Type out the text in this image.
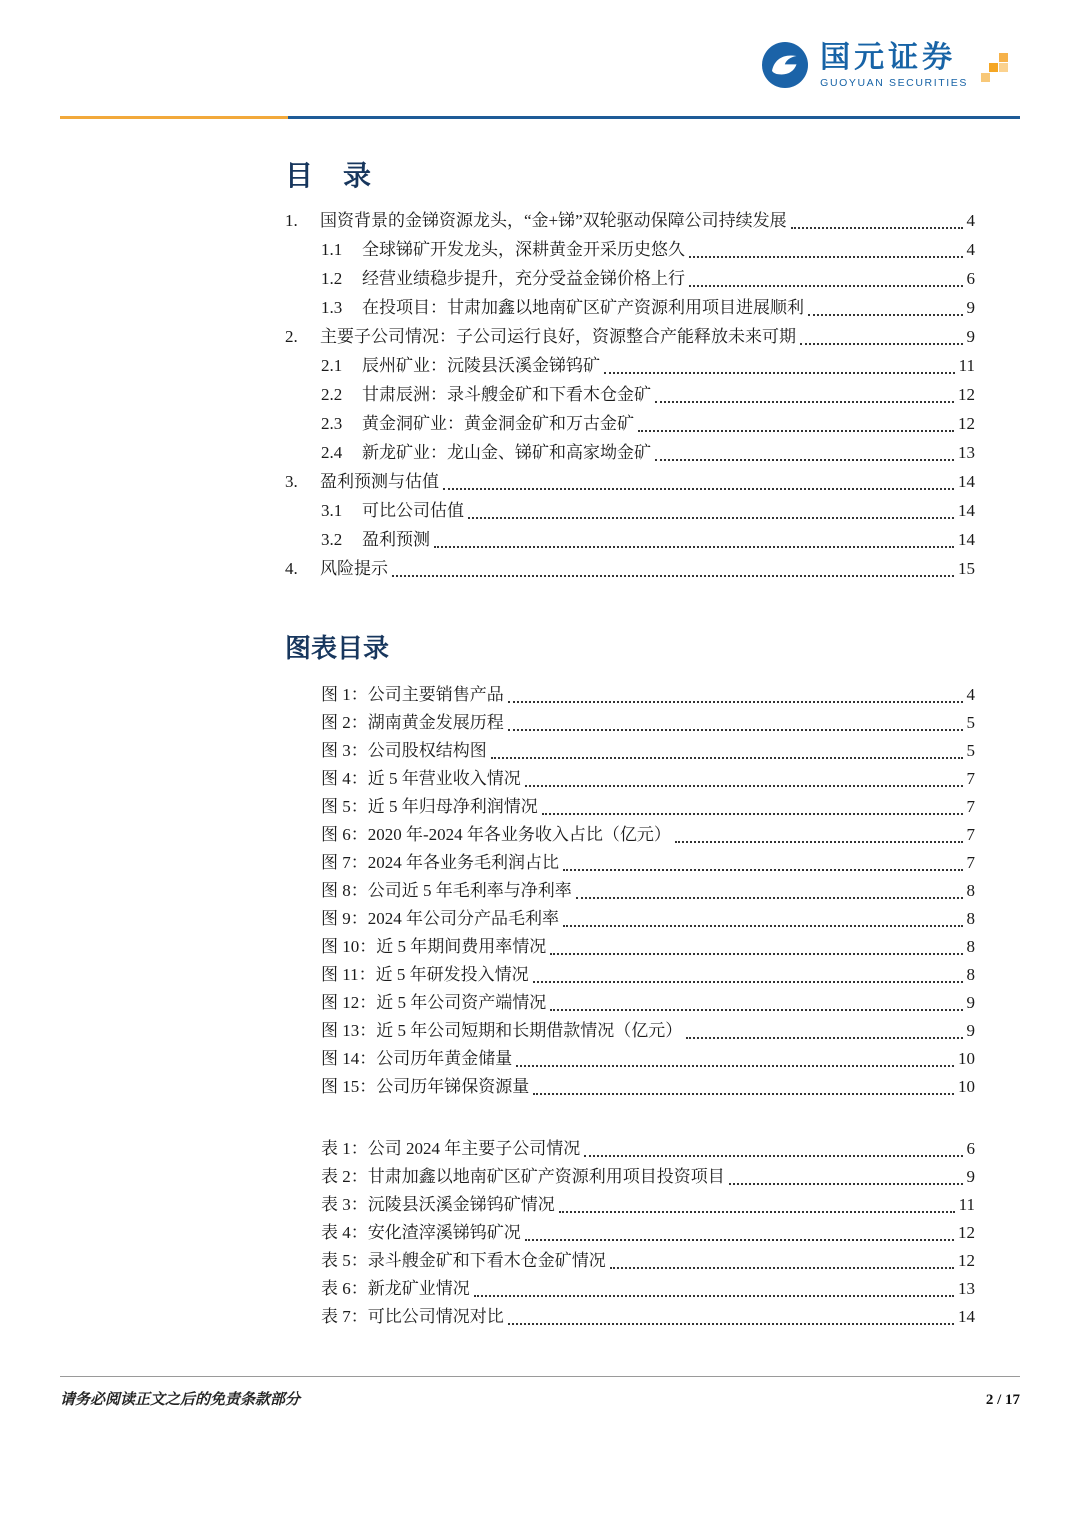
国元证券
GUOYUAN SECURITIES
目　录
1.	国资背景的金锑资源龙头，“金+锑”双轮驱动保障公司持续发展	4
1.1	全球锑矿开发龙头，深耕黄金开采历史悠久	4
1.2	经营业绩稳步提升，充分受益金锑价格上行	6
1.3	在投项目：甘肃加鑫以地南矿区矿产资源利用项目进展顺利	9
2.	主要子公司情况：子公司运行良好，资源整合产能释放未来可期	9
2.1	辰州矿业：沅陵县沃溪金锑钨矿	11
2.2	甘肃辰洲：录斗艘金矿和下看木仓金矿	12
2.3	黄金洞矿业：黄金洞金矿和万古金矿	12
2.4	新龙矿业：龙山金、锑矿和高家坳金矿	13
3.	盈利预测与估值	14
3.1	可比公司估值	14
3.2	盈利预测	14
4.	风险提示	15
图表目录
图 1：公司主要销售产品	4
图 2：湖南黄金发展历程	5
图 3：公司股权结构图	5
图 4：近 5 年营业收入情况	7
图 5：近 5 年归母净利润情况	7
图 6：2020 年-2024 年各业务收入占比（亿元）	7
图 7：2024 年各业务毛利润占比	7
图 8：公司近 5 年毛利率与净利率	8
图 9：2024 年公司分产品毛利率	8
图 10：近 5 年期间费用率情况	8
图 11：近 5 年研发投入情况	8
图 12：近 5 年公司资产端情况	9
图 13：近 5 年公司短期和长期借款情况（亿元）	9
图 14：公司历年黄金储量	10
图 15：公司历年锑保资源量	10
表 1：公司 2024 年主要子公司情况	6
表 2：甘肃加鑫以地南矿区矿产资源利用项目投资项目	9
表 3：沅陵县沃溪金锑钨矿情况	11
表 4：安化渣滓溪锑钨矿况	12
表 5：录斗艘金矿和下看木仓金矿情况	12
表 6：新龙矿业情况	13
表 7：可比公司情况对比	14
请务必阅读正文之后的免责条款部分	2 / 17
